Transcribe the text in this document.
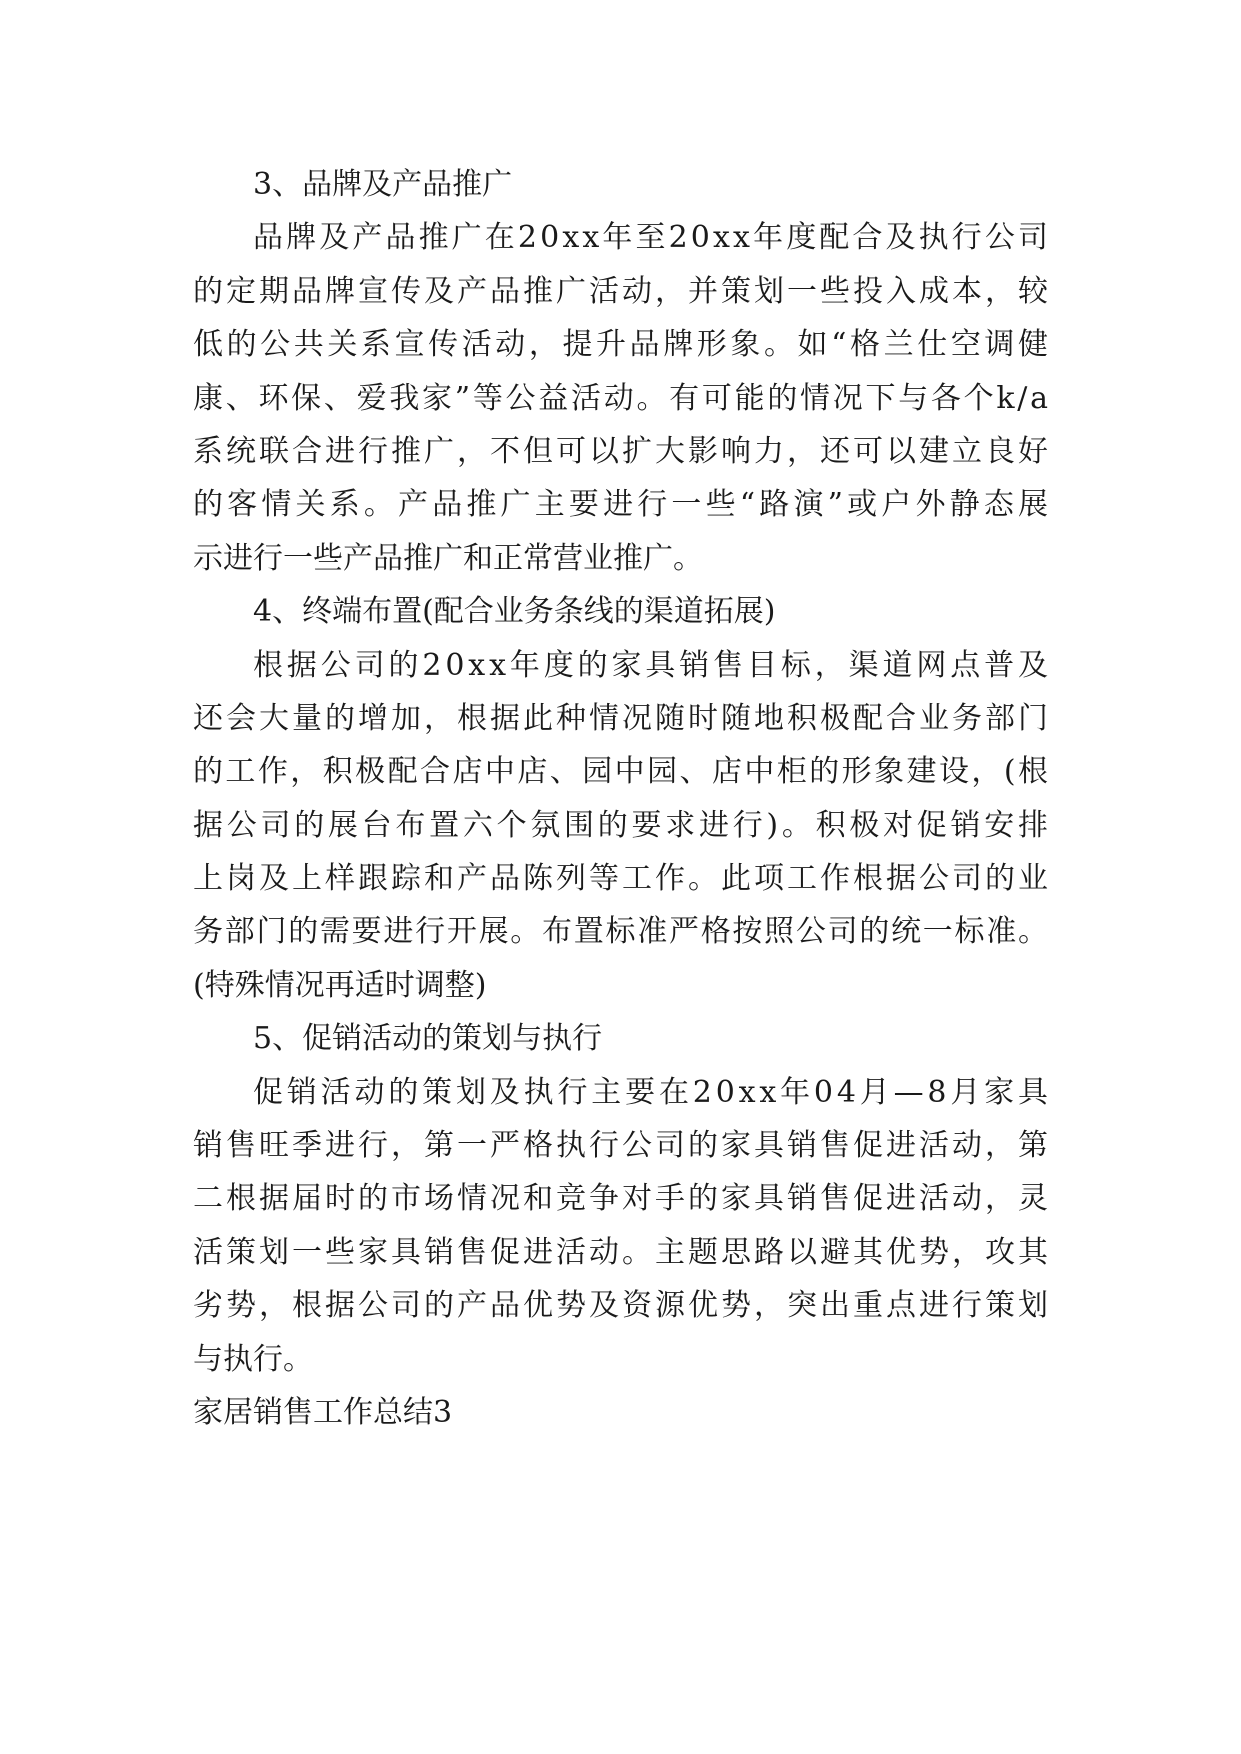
3、品牌及产品推广
品牌及产品推广在20xx年至20xx年度配合及执行公司
的定期品牌宣传及产品推广活动，并策划一些投入成本，较
低的公共关系宣传活动，提升品牌形象。如“格兰仕空调健
康、环保、爱我家”等公益活动。有可能的情况下与各个k/a
系统联合进行推广，不但可以扩大影响力，还可以建立良好
的客情关系。产品推广主要进行一些“路演”或户外静态展
示进行一些产品推广和正常营业推广。
4、终端布置(配合业务条线的渠道拓展)
根据公司的20xx年度的家具销售目标，渠道网点普及
还会大量的增加，根据此种情况随时随地积极配合业务部门
的工作，积极配合店中店、园中园、店中柜的形象建设，(根
据公司的展台布置六个氛围的要求进行)。积极对促销安排
上岗及上样跟踪和产品陈列等工作。此项工作根据公司的业
务部门的需要进行开展。布置标准严格按照公司的统一标准。
(特殊情况再适时调整)
5、促销活动的策划与执行
促销活动的策划及执行主要在20xx年04月—8月家具
销售旺季进行，第一严格执行公司的家具销售促进活动，第
二根据届时的市场情况和竞争对手的家具销售促进活动，灵
活策划一些家具销售促进活动。主题思路以避其优势，攻其
劣势，根据公司的产品优势及资源优势，突出重点进行策划
与执行。
家居销售工作总结3
